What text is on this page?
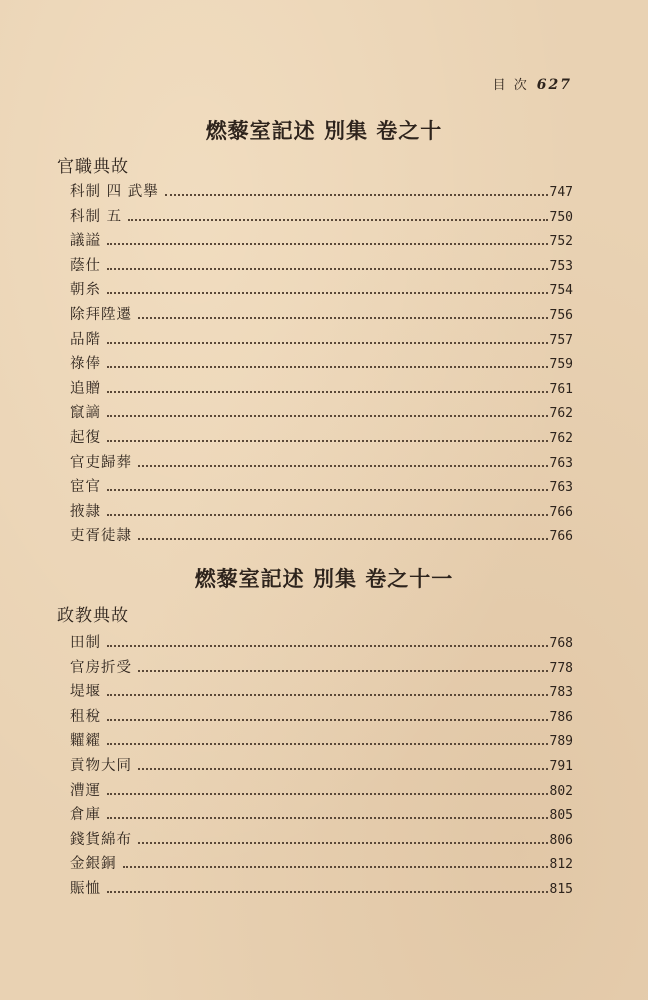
目 次 627
燃藜室記述 別集 卷之十
官職典故
科制 四 武擧	747
科制 五	750
議謚	752
蔭仕	753
朝糸	754
除拜陞遷	756
品階	757
祿俸	759
追贈	761
竄謫	762
起復	762
官吏歸葬	763
宦官	763
掖隷	766
吏胥徒隷	766
燃藜室記述 別集 卷之十一
政教典故
田制	768
官房折受	778
堤堰	783
租稅	786
糶糴	789
貢物大同	791
漕運	802
倉庫	805
錢貨綿布	806
金銀銅	812
賑恤	815
